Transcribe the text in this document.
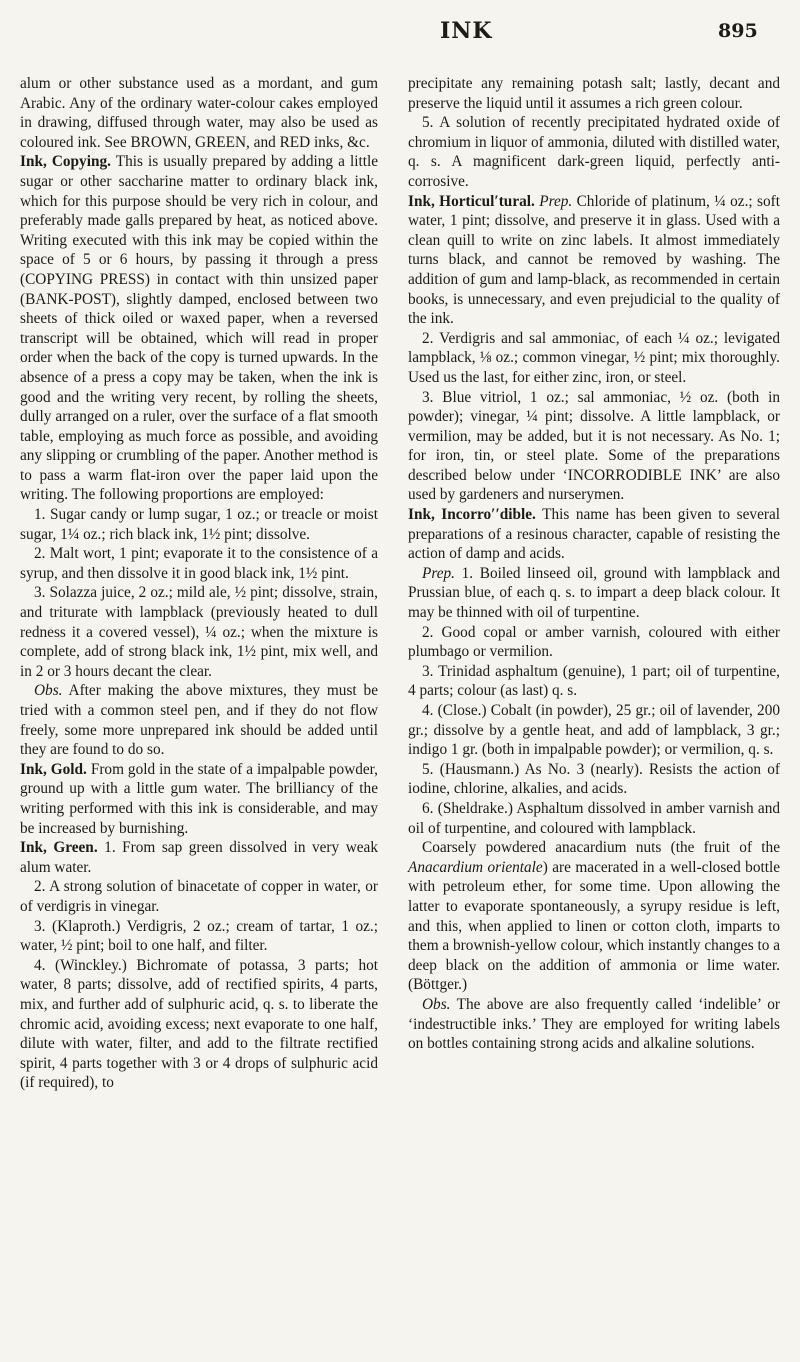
INK	895

alum or other substance used as a mordant, and gum Arabic. Any of the ordinary water-colour cakes employed in drawing, diffused through water, may also be used as coloured ink. See BROWN, GREEN, and RED inks, &c.

Ink, Copying. This is usually prepared by adding a little sugar or other saccharine matter to ordinary black ink, which for this purpose should be very rich in colour, and preferably made galls prepared by heat, as noticed above. Writing executed with this ink may be copied within the space of 5 or 6 hours, by passing it through a press (COPYING PRESS) in contact with thin unsized paper (BANK-POST), slightly damped, enclosed between two sheets of thick oiled or waxed paper, when a reversed transcript will be obtained, which will read in proper order when the back of the copy is turned upwards. In the absence of a press a copy may be taken, when the ink is good and the writing very recent, by rolling the sheets, dully arranged on a ruler, over the surface of a flat smooth table, employing as much force as possible, and avoiding any slipping or crumbling of the paper. Another method is to pass a warm flat-iron over the paper laid upon the writing. The following proportions are employed:

1. Sugar candy or lump sugar, 1 oz.; or treacle or moist sugar, 1¼ oz.; rich black ink, 1½ pint; dissolve.

2. Malt wort, 1 pint; evaporate it to the consistence of a syrup, and then dissolve it in good black ink, 1½ pint.

3. Solazza juice, 2 oz.; mild ale, ½ pint; dissolve, strain, and triturate with lampblack (previously heated to dull redness it a covered vessel), ¼ oz.; when the mixture is complete, add of strong black ink, 1½ pint, mix well, and in 2 or 3 hours decant the clear.

Obs. After making the above mixtures, they must be tried with a common steel pen, and if they do not flow freely, some more unprepared ink should be added until they are found to do so.

Ink, Gold. From gold in the state of a impalpable powder, ground up with a little gum water. The brilliancy of the writing performed with this ink is considerable, and may be increased by burnishing.

Ink, Green. 1. From sap green dissolved in very weak alum water.

2. A strong solution of binacetate of copper in water, or of verdigris in vinegar.

3. (Klaproth.) Verdigris, 2 oz.; cream of tartar, 1 oz.; water, ½ pint; boil to one half, and filter.

4. (Winckley.) Bichromate of potassa, 3 parts; hot water, 8 parts; dissolve, add of rectified spirits, 4 parts, mix, and further add of sulphuric acid, q. s. to liberate the chromic acid, avoiding excess; next evaporate to one half, dilute with water, filter, and add to the filtrate rectified spirit, 4 parts together with 3 or 4 drops of sulphuric acid (if required), to

precipitate any remaining potash salt; lastly, decant and preserve the liquid until it assumes a rich green colour.

5. A solution of recently precipitated hydrated oxide of chromium in liquor of ammonia, diluted with distilled water, q. s. A magnificent dark-green liquid, perfectly anti-corrosive.

Ink, Horticul′tural. Prep. Chloride of platinum, ¼ oz.; soft water, 1 pint; dissolve, and preserve it in glass. Used with a clean quill to write on zinc labels. It almost immediately turns black, and cannot be removed by washing. The addition of gum and lamp-black, as recommended in certain books, is unnecessary, and even prejudicial to the quality of the ink.

2. Verdigris and sal ammoniac, of each ¼ oz.; levigated lampblack, ⅛ oz.; common vinegar, ½ pint; mix thoroughly. Used us the last, for either zinc, iron, or steel.

3. Blue vitriol, 1 oz.; sal ammoniac, ½ oz. (both in powder); vinegar, ¼ pint; dissolve. A little lampblack, or vermilion, may be added, but it is not necessary. As No. 1; for iron, tin, or steel plate. Some of the preparations described below under ‘INCORRODIBLE INK’ are also used by gardeners and nurserymen.

Ink, Incorro′′dible. This name has been given to several preparations of a resinous character, capable of resisting the action of damp and acids.

Prep. 1. Boiled linseed oil, ground with lampblack and Prussian blue, of each q. s. to impart a deep black colour. It may be thinned with oil of turpentine.

2. Good copal or amber varnish, coloured with either plumbago or vermilion.

3. Trinidad asphaltum (genuine), 1 part; oil of turpentine, 4 parts; colour (as last) q. s.

4. (Close.) Cobalt (in powder), 25 gr.; oil of lavender, 200 gr.; dissolve by a gentle heat, and add of lampblack, 3 gr.; indigo 1 gr. (both in impalpable powder); or vermilion, q. s.

5. (Hausmann.) As No. 3 (nearly). Resists the action of iodine, chlorine, alkalies, and acids.

6. (Sheldrake.) Asphaltum dissolved in amber varnish and oil of turpentine, and coloured with lampblack.

Coarsely powdered anacardium nuts (the fruit of the Anacardium orientale) are macerated in a well-closed bottle with petroleum ether, for some time. Upon allowing the latter to evaporate spontaneously, a syrupy residue is left, and this, when applied to linen or cotton cloth, imparts to them a brownish-yellow colour, which instantly changes to a deep black on the addition of ammonia or lime water. (Böttger.)

Obs. The above are also frequently called ‘indelible’ or ‘indestructible inks.’ They are employed for writing labels on bottles containing strong acids and alkaline solutions.
